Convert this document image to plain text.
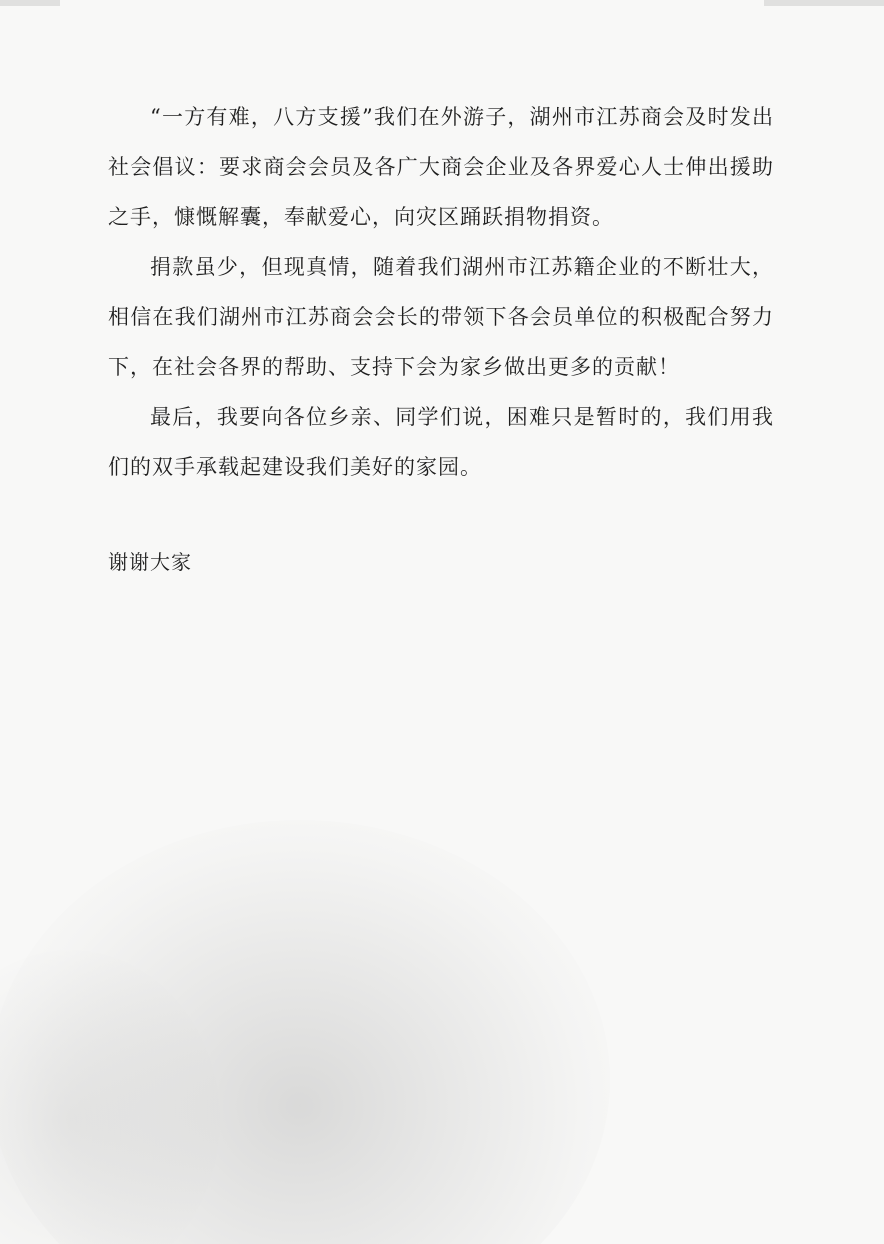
“一方有难，八方支援”我们在外游子，湖州市江苏商会及时发出社会倡议：要求商会会员及各广大商会企业及各界爱心人士伸出援助之手，慷慨解囊，奉献爱心，向灾区踊跃捐物捐资。

捐款虽少，但现真情，随着我们湖州市江苏籍企业的不断壮大，相信在我们湖州市江苏商会会长的带领下各会员单位的积极配合努力下，在社会各界的帮助、支持下会为家乡做出更多的贡献！

最后，我要向各位乡亲、同学们说，困难只是暂时的，我们用我们的双手承载起建设我们美好的家园。

谢谢大家
